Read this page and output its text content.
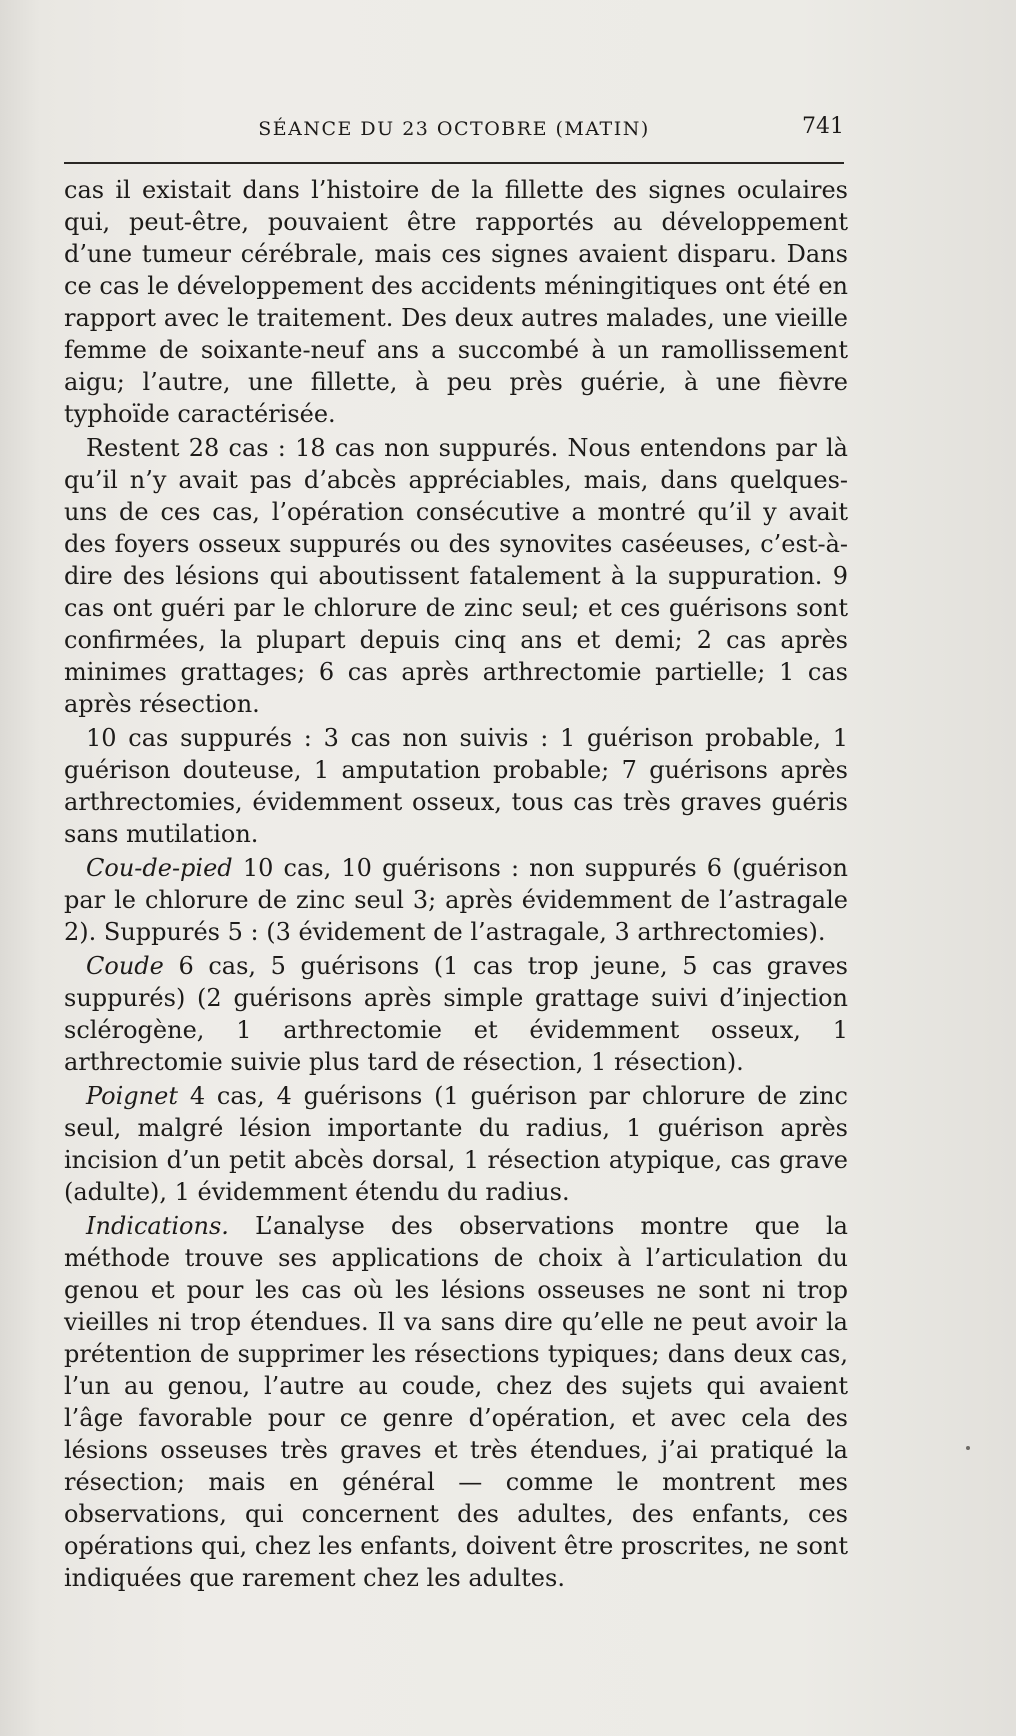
SÉANCE DU 23 OCTOBRE (MATIN)	741

cas il existait dans l’histoire de la fillette des signes oculaires qui, peut-être, pouvaient être rapportés au développement d’une tumeur cérébrale, mais ces signes avaient disparu. Dans ce cas le développement des accidents méningitiques ont été en rapport avec le traitement. Des deux autres malades, une vieille femme de soixante-neuf ans a succombé à un ramollissement aigu; l’autre, une fillette, à peu près guérie, à une fièvre typhoïde caractérisée.

Restent 28 cas : 18 cas non suppurés. Nous entendons par là qu’il n’y avait pas d’abcès appréciables, mais, dans quelques-uns de ces cas, l’opération consécutive a montré qu’il y avait des foyers osseux suppurés ou des synovites caséeuses, c’est-à-dire des lésions qui aboutissent fatalement à la suppuration. 9 cas ont guéri par le chlorure de zinc seul; et ces guérisons sont confirmées, la plupart depuis cinq ans et demi; 2 cas après minimes grattages; 6 cas après arthrectomie partielle; 1 cas après résection.

10 cas suppurés : 3 cas non suivis : 1 guérison probable, 1 guérison douteuse, 1 amputation probable; 7 guérisons après arthrectomies, évidemment osseux, tous cas très graves guéris sans mutilation.

Cou-de-pied 10 cas, 10 guérisons : non suppurés 6 (guérison par le chlorure de zinc seul 3; après évidemment de l’astragale 2). Suppurés 5 : (3 évidement de l’astragale, 3 arthrectomies).

Coude 6 cas, 5 guérisons (1 cas trop jeune, 5 cas graves suppurés) (2 guérisons après simple grattage suivi d’injection sclérogène, 1 arthrectomie et évidemment osseux, 1 arthrectomie suivie plus tard de résection, 1 résection).

Poignet 4 cas, 4 guérisons (1 guérison par chlorure de zinc seul, malgré lésion importante du radius, 1 guérison après incision d’un petit abcès dorsal, 1 résection atypique, cas grave (adulte), 1 évidemment étendu du radius.

Indications. L’analyse des observations montre que la méthode trouve ses applications de choix à l’articulation du genou et pour les cas où les lésions osseuses ne sont ni trop vieilles ni trop étendues. Il va sans dire qu’elle ne peut avoir la prétention de supprimer les résections typiques; dans deux cas, l’un au genou, l’autre au coude, chez des sujets qui avaient l’âge favorable pour ce genre d’opération, et avec cela des lésions osseuses très graves et très étendues, j’ai pratiqué la résection; mais en général — comme le montrent mes observations, qui concernent des adultes, des enfants, ces opérations qui, chez les enfants, doivent être proscrites, ne sont indiquées que rarement chez les adultes.
